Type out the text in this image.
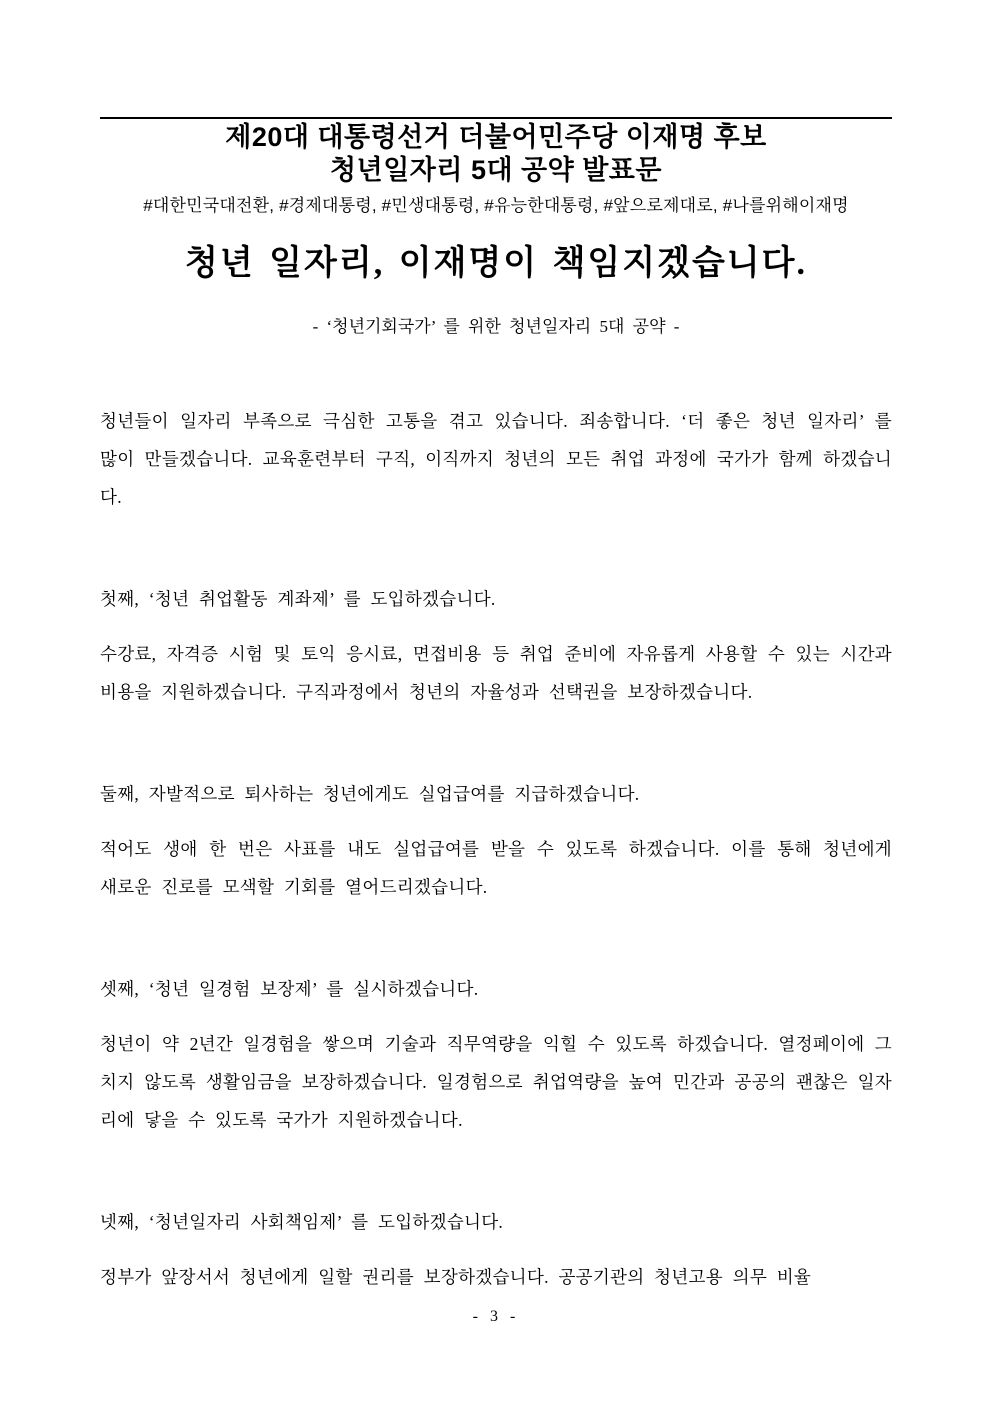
제20대 대통령선거 더불어민주당 이재명 후보
청년일자리 5대 공약 발표문
#대한민국대전환, #경제대통령, #민생대통령, #유능한대통령, #앞으로제대로, #나를위해이재명
청년 일자리, 이재명이 책임지겠습니다.
- ‘청년기회국가’ 를 위한 청년일자리 5대 공약 -

청년들이 일자리 부족으로 극심한 고통을 겪고 있습니다. 죄송합니다. ‘더 좋은 청년 일자리’ 를 많이 만들겠습니다. 교육훈련부터 구직, 이직까지 청년의 모든 취업 과정에 국가가 함께 하겠습니다.

첫째, ‘청년 취업활동 계좌제’ 를 도입하겠습니다.

수강료, 자격증 시험 및 토익 응시료, 면접비용 등 취업 준비에 자유롭게 사용할 수 있는 시간과 비용을 지원하겠습니다. 구직과정에서 청년의 자율성과 선택권을 보장하겠습니다.

둘째, 자발적으로 퇴사하는 청년에게도 실업급여를 지급하겠습니다.

적어도 생애 한 번은 사표를 내도 실업급여를 받을 수 있도록 하겠습니다. 이를 통해 청년에게 새로운 진로를 모색할 기회를 열어드리겠습니다.

셋째, ‘청년 일경험 보장제’ 를 실시하겠습니다.

청년이 약 2년간 일경험을 쌓으며 기술과 직무역량을 익힐 수 있도록 하겠습니다. 열정페이에 그치지 않도록 생활임금을 보장하겠습니다. 일경험으로 취업역량을 높여 민간과 공공의 괜찮은 일자리에 닿을 수 있도록 국가가 지원하겠습니다.

넷째, ‘청년일자리 사회책임제’ 를 도입하겠습니다.

정부가 앞장서서 청년에게 일할 권리를 보장하겠습니다. 공공기관의 청년고용 의무 비율

- 3 -
